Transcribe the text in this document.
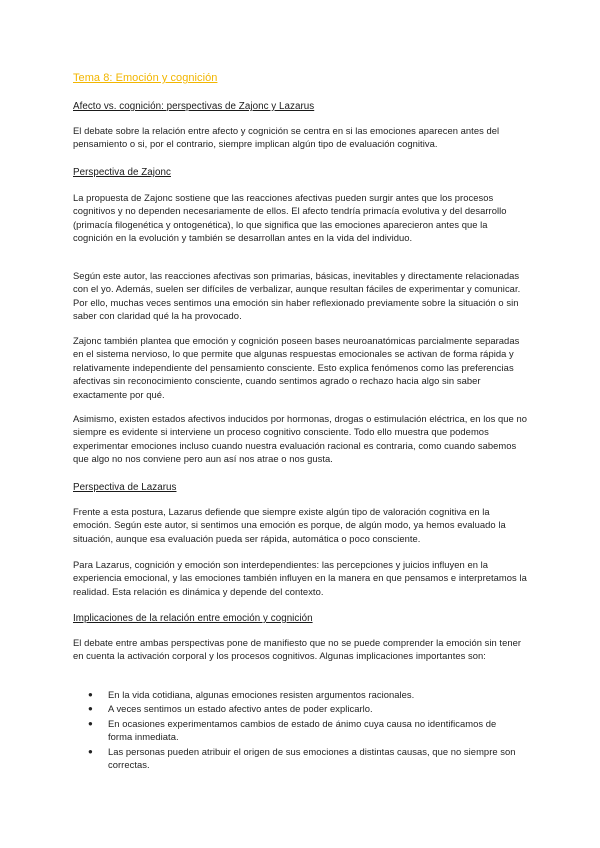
Tema 8: Emoción y cognición
Afecto vs. cognición: perspectivas de Zajonc y Lazarus

El debate sobre la relación entre afecto y cognición se centra en si las emociones aparecen antes del pensamiento o si, por el contrario, siempre implican algún tipo de evaluación cognitiva.

Perspectiva de Zajonc

La propuesta de Zajonc sostiene que las reacciones afectivas pueden surgir antes que los procesos cognitivos y no dependen necesariamente de ellos. El afecto tendría primacía evolutiva y del desarrollo (primacía filogenética y ontogenética), lo que significa que las emociones aparecieron antes que la cognición en la evolución y también se desarrollan antes en la vida del individuo.

Según este autor, las reacciones afectivas son primarias, básicas, inevitables y directamente relacionadas con el yo. Además, suelen ser difíciles de verbalizar, aunque resultan fáciles de experimentar y comunicar. Por ello, muchas veces sentimos una emoción sin haber reflexionado previamente sobre la situación o sin saber con claridad qué la ha provocado.

Zajonc también plantea que emoción y cognición poseen bases neuroanatómicas parcialmente separadas en el sistema nervioso, lo que permite que algunas respuestas emocionales se activan de forma rápida y relativamente independiente del pensamiento consciente. Esto explica fenómenos como las preferencias afectivas sin reconocimiento consciente, cuando sentimos agrado o rechazo hacia algo sin saber exactamente por qué.

Asimismo, existen estados afectivos inducidos por hormonas, drogas o estimulación eléctrica, en los que no siempre es evidente si interviene un proceso cognitivo consciente. Todo ello muestra que podemos experimentar emociones incluso cuando nuestra evaluación racional es contraria, como cuando sabemos que algo no nos conviene pero aun así nos atrae o nos gusta.

Perspectiva de Lazarus

Frente a esta postura, Lazarus defiende que siempre existe algún tipo de valoración cognitiva en la emoción. Según este autor, si sentimos una emoción es porque, de algún modo, ya hemos evaluado la situación, aunque esa evaluación pueda ser rápida, automática o poco consciente.

Para Lazarus, cognición y emoción son interdependientes: las percepciones y juicios influyen en la experiencia emocional, y las emociones también influyen en la manera en que pensamos e interpretamos la realidad. Esta relación es dinámica y depende del contexto.

Implicaciones de la relación entre emoción y cognición

El debate entre ambas perspectivas pone de manifiesto que no se puede comprender la emoción sin tener en cuenta la activación corporal y los procesos cognitivos. Algunas implicaciones importantes son:

● En la vida cotidiana, algunas emociones resisten argumentos racionales.
● A veces sentimos un estado afectivo antes de poder explicarlo.
● En ocasiones experimentamos cambios de estado de ánimo cuya causa no identificamos de forma inmediata.
● Las personas pueden atribuir el origen de sus emociones a distintas causas, que no siempre son correctas.
